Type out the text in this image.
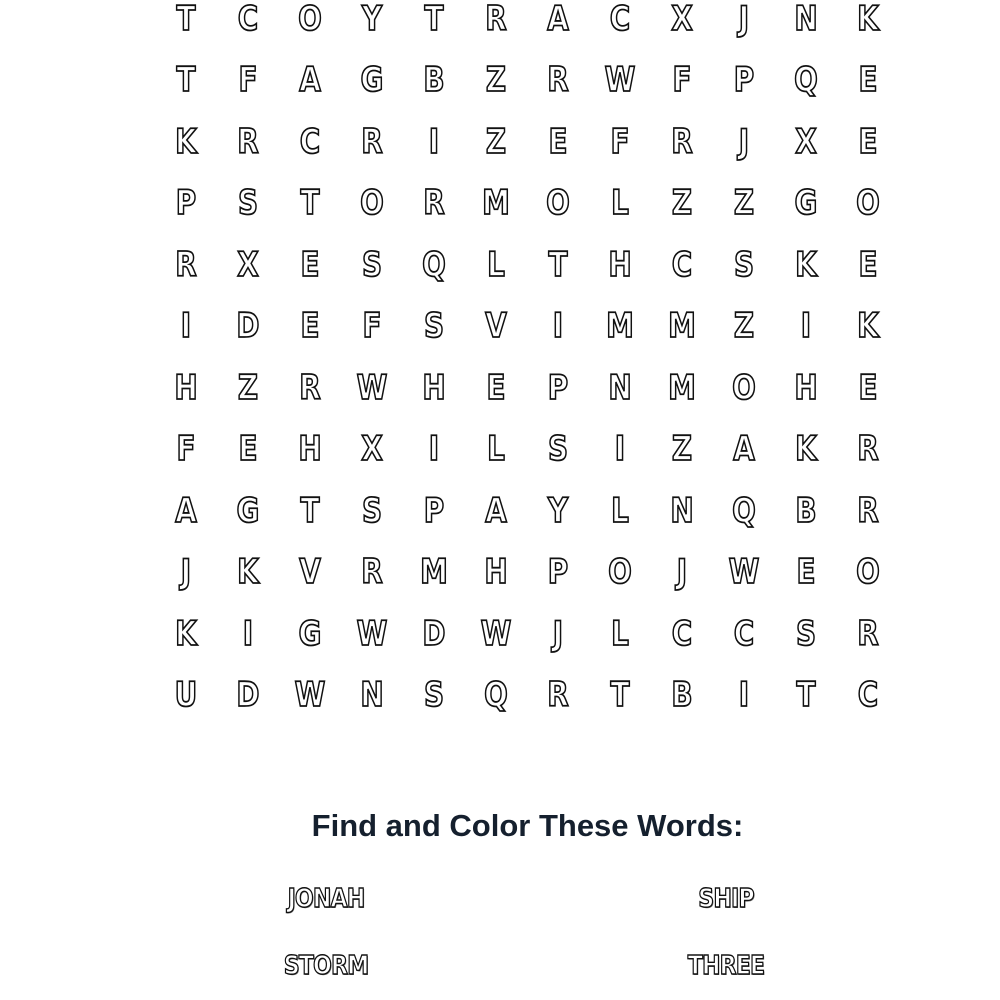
T	C	O	Y	T	R	A	C	X	J	N	K
T	F	A	G	B	Z	R	W	F	P	Q	E
K	R	C	R	I	Z	E	F	R	J	X	E
P	S	T	O	R	M	O	L	Z	Z	G	O
R	X	E	S	Q	L	T	H	C	S	K	E
I	D	E	F	S	V	I	M	M	Z	I	K
H	Z	R	W	H	E	P	N	M	O	H	E
F	E	H	X	I	L	S	I	Z	A	K	R
A	G	T	S	P	A	Y	L	N	Q	B	R
J	K	V	R	M	H	P	O	J	W	E	O
K	I	G	W	D	W	J	L	C	C	S	R
U	D	W	N	S	Q	R	T	B	I	T	C
Find and Color These Words:
JONAH	SHIP
STORM	THREE
